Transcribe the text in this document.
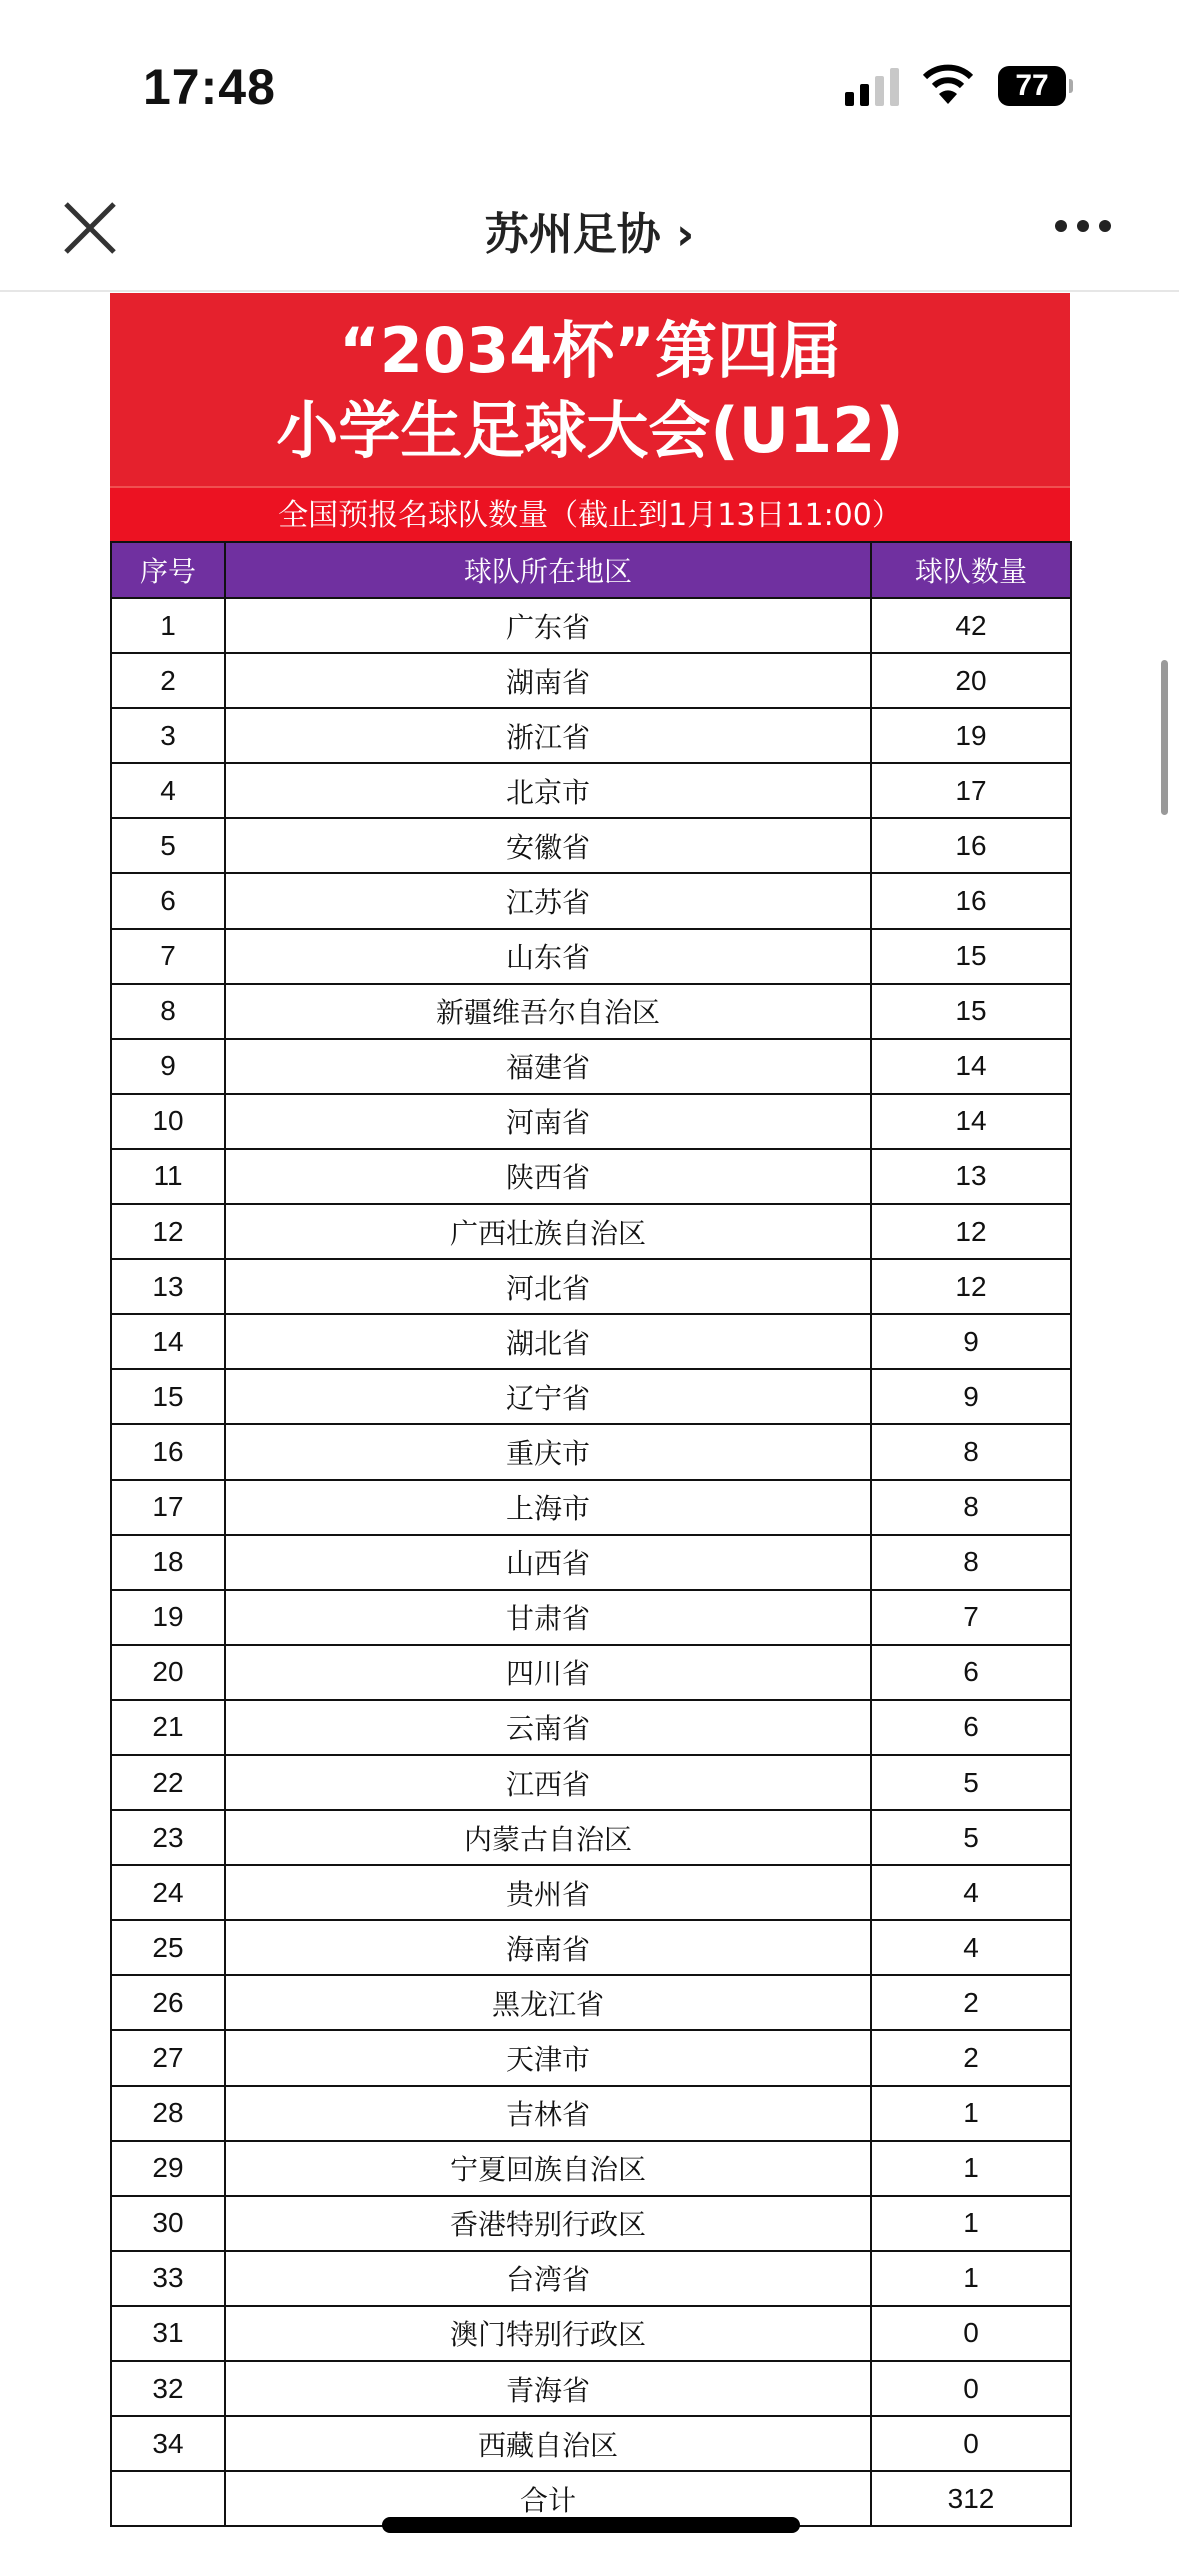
17:48	77
苏州足协 ›
“2034杯”第四届
小学生足球大会(U12)
全国预报名球队数量（截止到1月13日11:00）
序号	球队所在地区	球队数量
1	广东省	42
2	湖南省	20
3	浙江省	19
4	北京市	17
5	安徽省	16
6	江苏省	16
7	山东省	15
8	新疆维吾尔自治区	15
9	福建省	14
10	河南省	14
11	陕西省	13
12	广西壮族自治区	12
13	河北省	12
14	湖北省	9
15	辽宁省	9
16	重庆市	8
17	上海市	8
18	山西省	8
19	甘肃省	7
20	四川省	6
21	云南省	6
22	江西省	5
23	内蒙古自治区	5
24	贵州省	4
25	海南省	4
26	黑龙江省	2
27	天津市	2
28	吉林省	1
29	宁夏回族自治区	1
30	香港特别行政区	1
33	台湾省	1
31	澳门特别行政区	0
32	青海省	0
34	西藏自治区	0
	合计	312
